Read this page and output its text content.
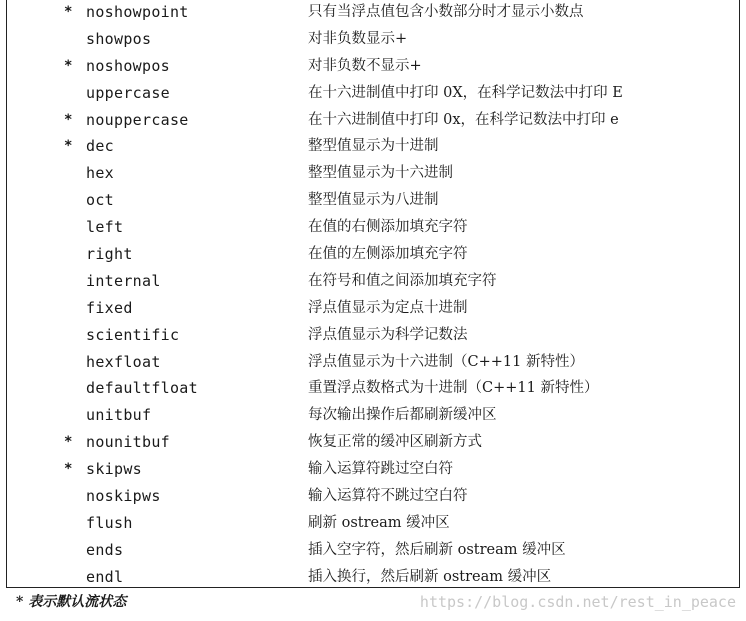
* noshowpoint	只有当浮点值包含小数部分时才显示小数点
showpos	对非负数显示+
* noshowpos	对非负数不显示+
uppercase	在十六进制值中打印 0X，在科学记数法中打印 E
* nouppercase	在十六进制值中打印 0x，在科学记数法中打印 e
* dec	整型值显示为十进制
hex	整型值显示为十六进制
oct	整型值显示为八进制
left	在值的右侧添加填充字符
right	在值的左侧添加填充字符
internal	在符号和值之间添加填充字符
fixed	浮点值显示为定点十进制
scientific	浮点值显示为科学记数法
hexfloat	浮点值显示为十六进制（C++11 新特性）
defaultfloat	重置浮点数格式为十进制（C++11 新特性）
unitbuf	每次输出操作后都刷新缓冲区
* nounitbuf	恢复正常的缓冲区刷新方式
* skipws	输入运算符跳过空白符
noskipws	输入运算符不跳过空白符
flush	刷新 ostream 缓冲区
ends	插入空字符，然后刷新 ostream 缓冲区
endl	插入换行，然后刷新 ostream 缓冲区
* 表示默认流状态	https://blog.csdn.net/rest_in_peace
